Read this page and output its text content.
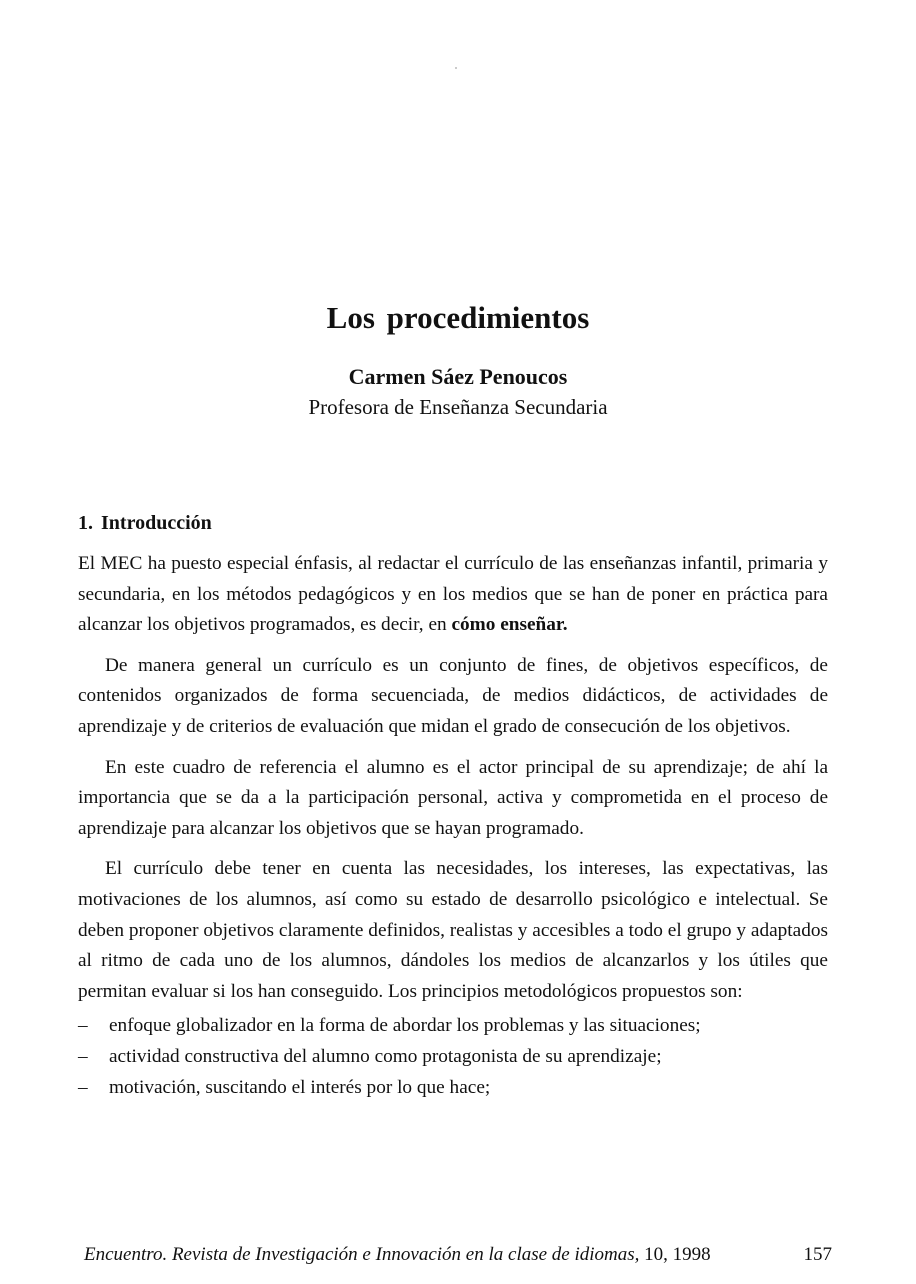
Los procedimientos
Carmen Sáez Penoucos
Profesora de Enseñanza Secundaria
1. Introducción

El MEC ha puesto especial énfasis, al redactar el currículo de las enseñanzas infantil, primaria y secundaria, en los métodos pedagógicos y en los medios que se han de poner en práctica para alcanzar los objetivos programados, es decir, en cómo enseñar.

De manera general un currículo es un conjunto de fines, de objetivos específicos, de contenidos organizados de forma secuenciada, de medios didácticos, de actividades de aprendizaje y de criterios de evaluación que midan el grado de consecución de los objetivos.

En este cuadro de referencia el alumno es el actor principal de su aprendizaje; de ahí la importancia que se da a la participación personal, activa y comprometida en el proceso de aprendizaje para alcanzar los objetivos que se hayan programado.

El currículo debe tener en cuenta las necesidades, los intereses, las expectativas, las motivaciones de los alumnos, así como su estado de desarrollo psicológico e intelectual. Se deben proponer objetivos claramente definidos, realistas y accesibles a todo el grupo y adaptados al ritmo de cada uno de los alumnos, dándoles los medios de alcanzarlos y los útiles que permitan evaluar si los han conseguido. Los principios metodológicos propuestos son:

– enfoque globalizador en la forma de abordar los problemas y las situaciones;
– actividad constructiva del alumno como protagonista de su aprendizaje;
– motivación, suscitando el interés por lo que hace;
Encuentro. Revista de Investigación e Innovación en la clase de idiomas, 10, 1998	157
